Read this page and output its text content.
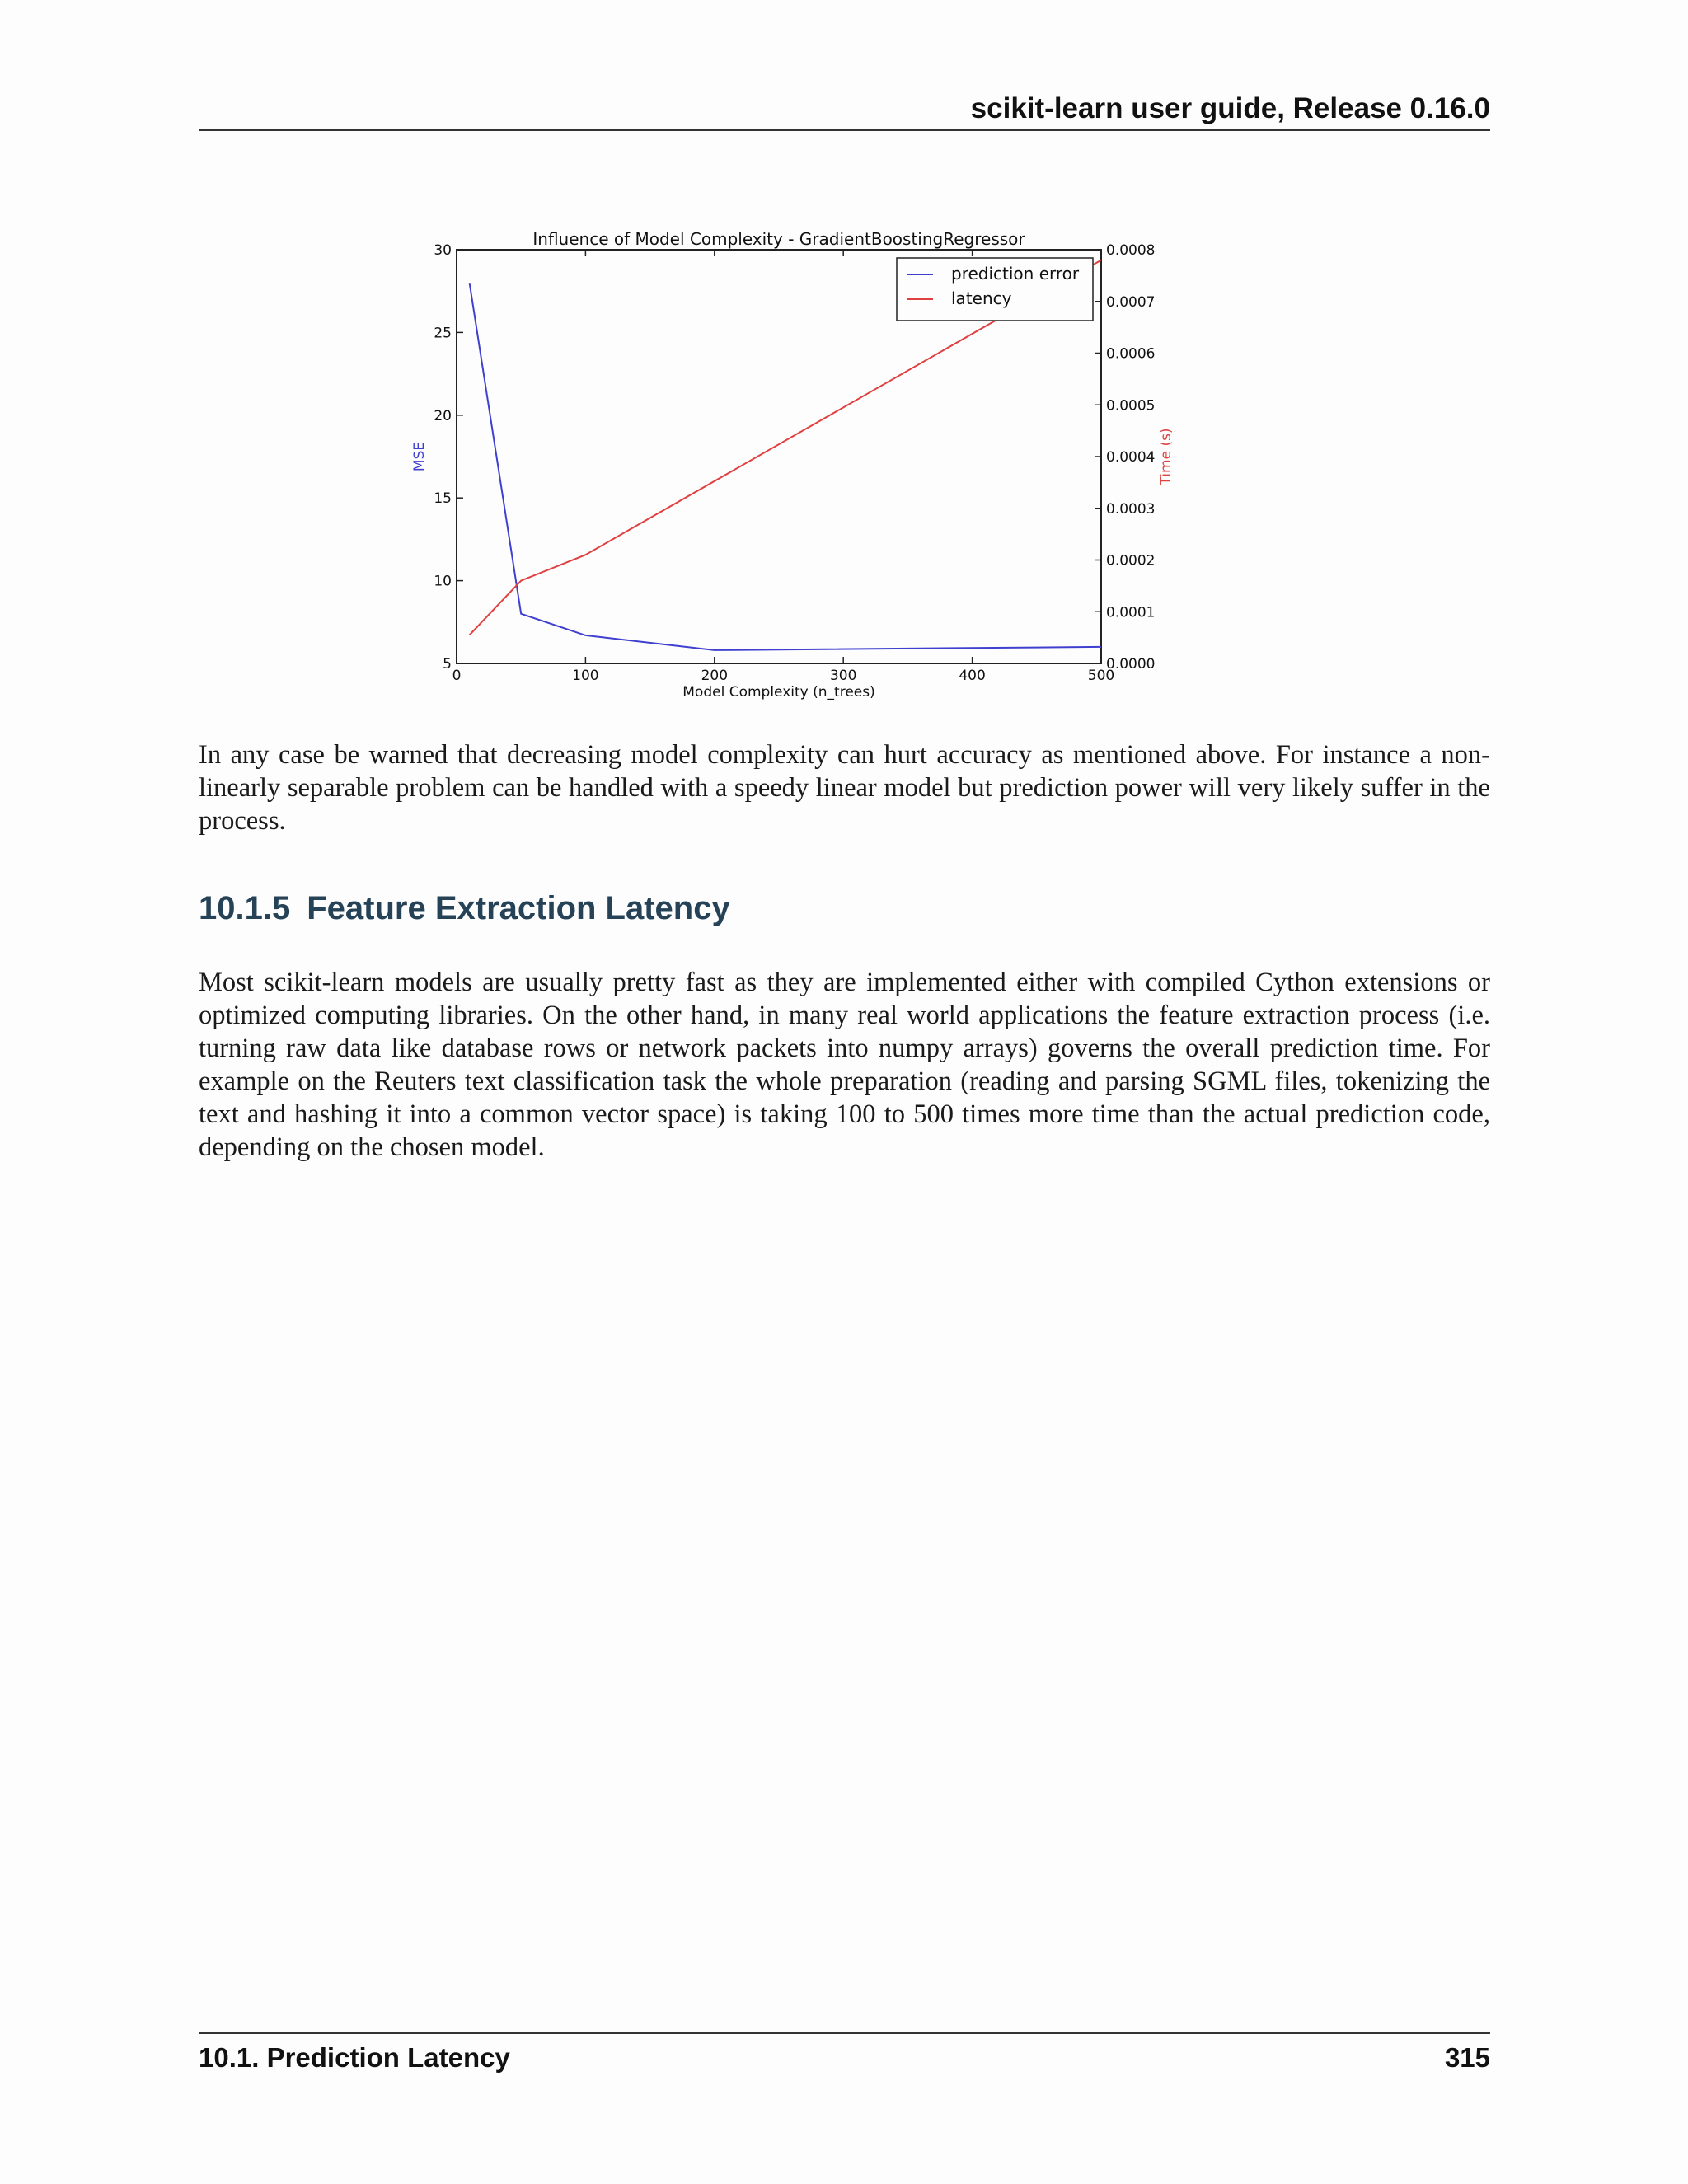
scikit-learn user guide, Release 0.16.0
Influence of Model Complexity - GradientBoostingRegressor
0	100	200	300	400	500
Model Complexity (n_trees)
5
10
15
20
25
30
MSE
0.0000
0.0001
0.0002
0.0003
0.0004
0.0005
0.0006
0.0007
0.0008
Time (s)
prediction error
latency

In any case be warned that decreasing model complexity can hurt accuracy as mentioned above. For instance a non-linearly separable problem can be handled with a speedy linear model but prediction power will very likely suffer in the process.

10.1.5 Feature Extraction Latency

Most scikit-learn models are usually pretty fast as they are implemented either with compiled Cython extensions or optimized computing libraries. On the other hand, in many real world applications the feature extraction process (i.e. turning raw data like database rows or network packets into numpy arrays) governs the overall prediction time. For example on the Reuters text classification task the whole preparation (reading and parsing SGML files, tokenizing the text and hashing it into a common vector space) is taking 100 to 500 times more time than the actual prediction code, depending on the chosen model.

10.1. Prediction Latency	315
